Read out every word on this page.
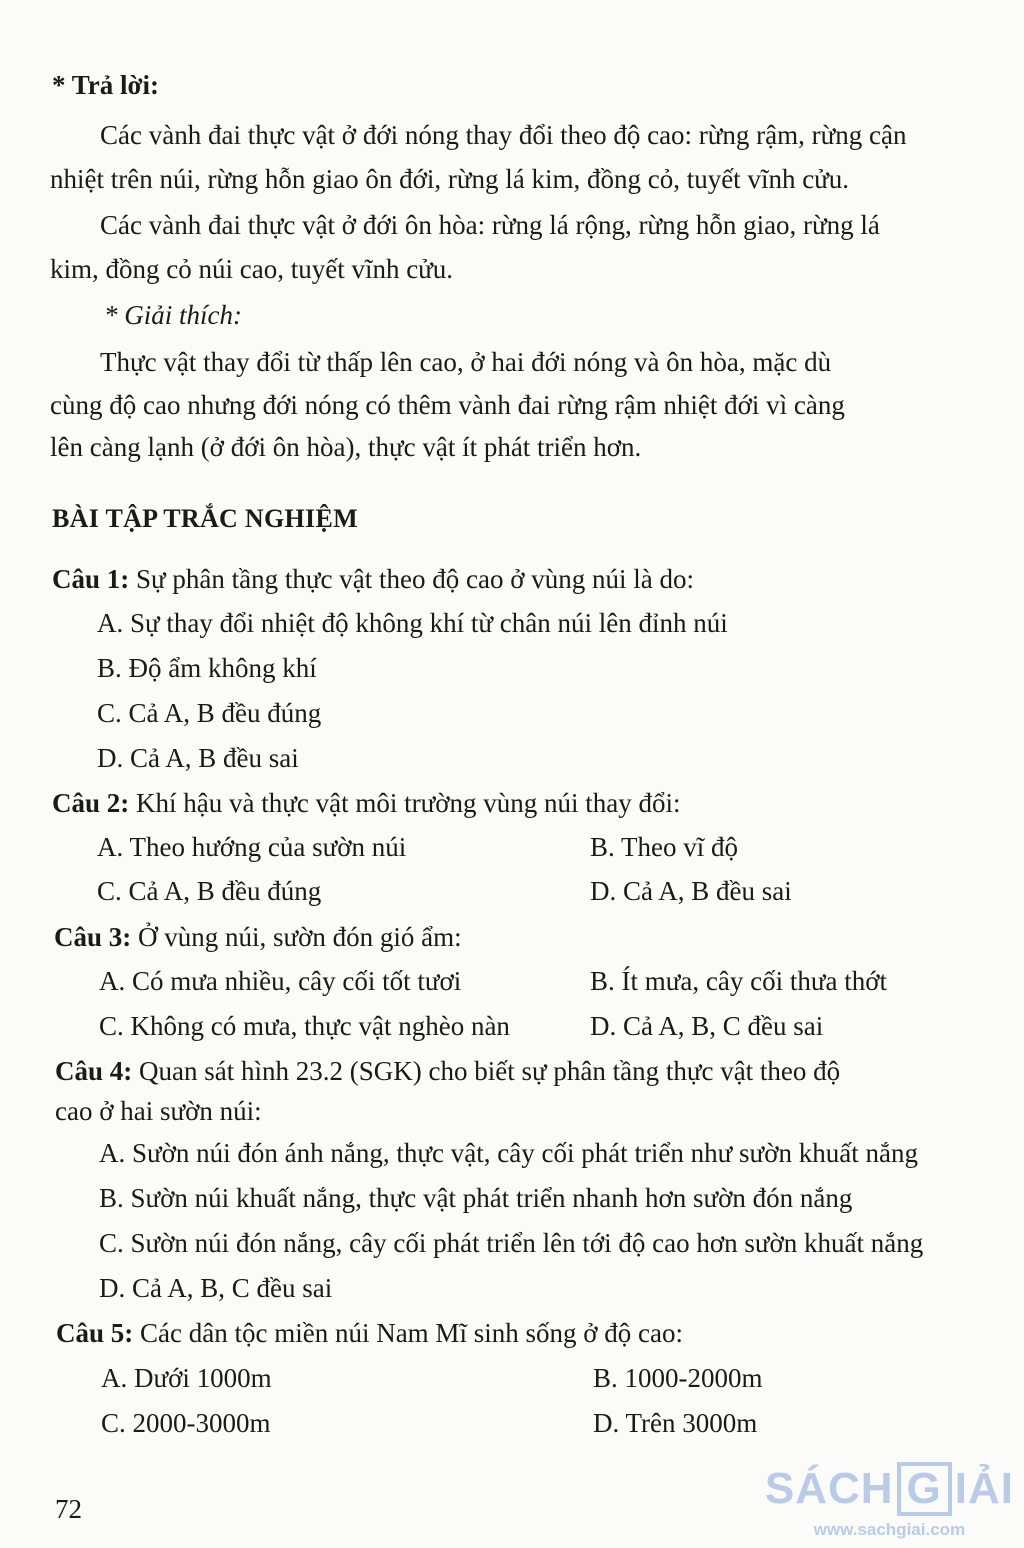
* Trả lời:
Các vành đai thực vật ở đới nóng thay đổi theo độ cao: rừng rậm, rừng cận
nhiệt trên núi, rừng hỗn giao ôn đới, rừng lá kim, đồng cỏ, tuyết vĩnh cửu.
Các vành đai thực vật ở đới ôn hòa: rừng lá rộng, rừng hỗn giao, rừng lá
kim, đồng cỏ núi cao, tuyết vĩnh cửu.
* Giải thích:
Thực vật thay đổi từ thấp lên cao, ở hai đới nóng và ôn hòa, mặc dù
cùng độ cao nhưng đới nóng có thêm vành đai rừng rậm nhiệt đới vì càng
lên càng lạnh (ở đới ôn hòa), thực vật ít phát triển hơn.
BÀI TẬP TRẮC NGHIỆM
Câu 1: Sự phân tầng thực vật theo độ cao ở vùng núi là do:
A. Sự thay đổi nhiệt độ không khí từ chân núi lên đỉnh núi
B. Độ ẩm không khí
C. Cả A, B đều đúng
D. Cả A, B đều sai
Câu 2: Khí hậu và thực vật môi trường vùng núi thay đổi:
A. Theo hướng của sườn núi	B. Theo vĩ độ
C. Cả A, B đều đúng	D. Cả A, B đều sai
Câu 3: Ở vùng núi, sườn đón gió ẩm:
A. Có mưa nhiều, cây cối tốt tươi	B. Ít mưa, cây cối thưa thớt
C. Không có mưa, thực vật nghèo nàn	D. Cả A, B, C đều sai
Câu 4: Quan sát hình 23.2 (SGK) cho biết sự phân tầng thực vật theo độ
cao ở hai sườn núi:
A. Sườn núi đón ánh nắng, thực vật, cây cối phát triển như sườn khuất nắng
B. Sườn núi khuất nắng, thực vật phát triển nhanh hơn sườn đón nắng
C. Sườn núi đón nắng, cây cối phát triển lên tới độ cao hơn sườn khuất nắng
D. Cả A, B, C đều sai
Câu 5: Các dân tộc miền núi Nam Mĩ sinh sống ở độ cao:
A. Dưới 1000m	B. 1000-2000m
C. 2000-3000m	D. Trên 3000m
72	SÁCH G IẢI
www.sachgiai.com
